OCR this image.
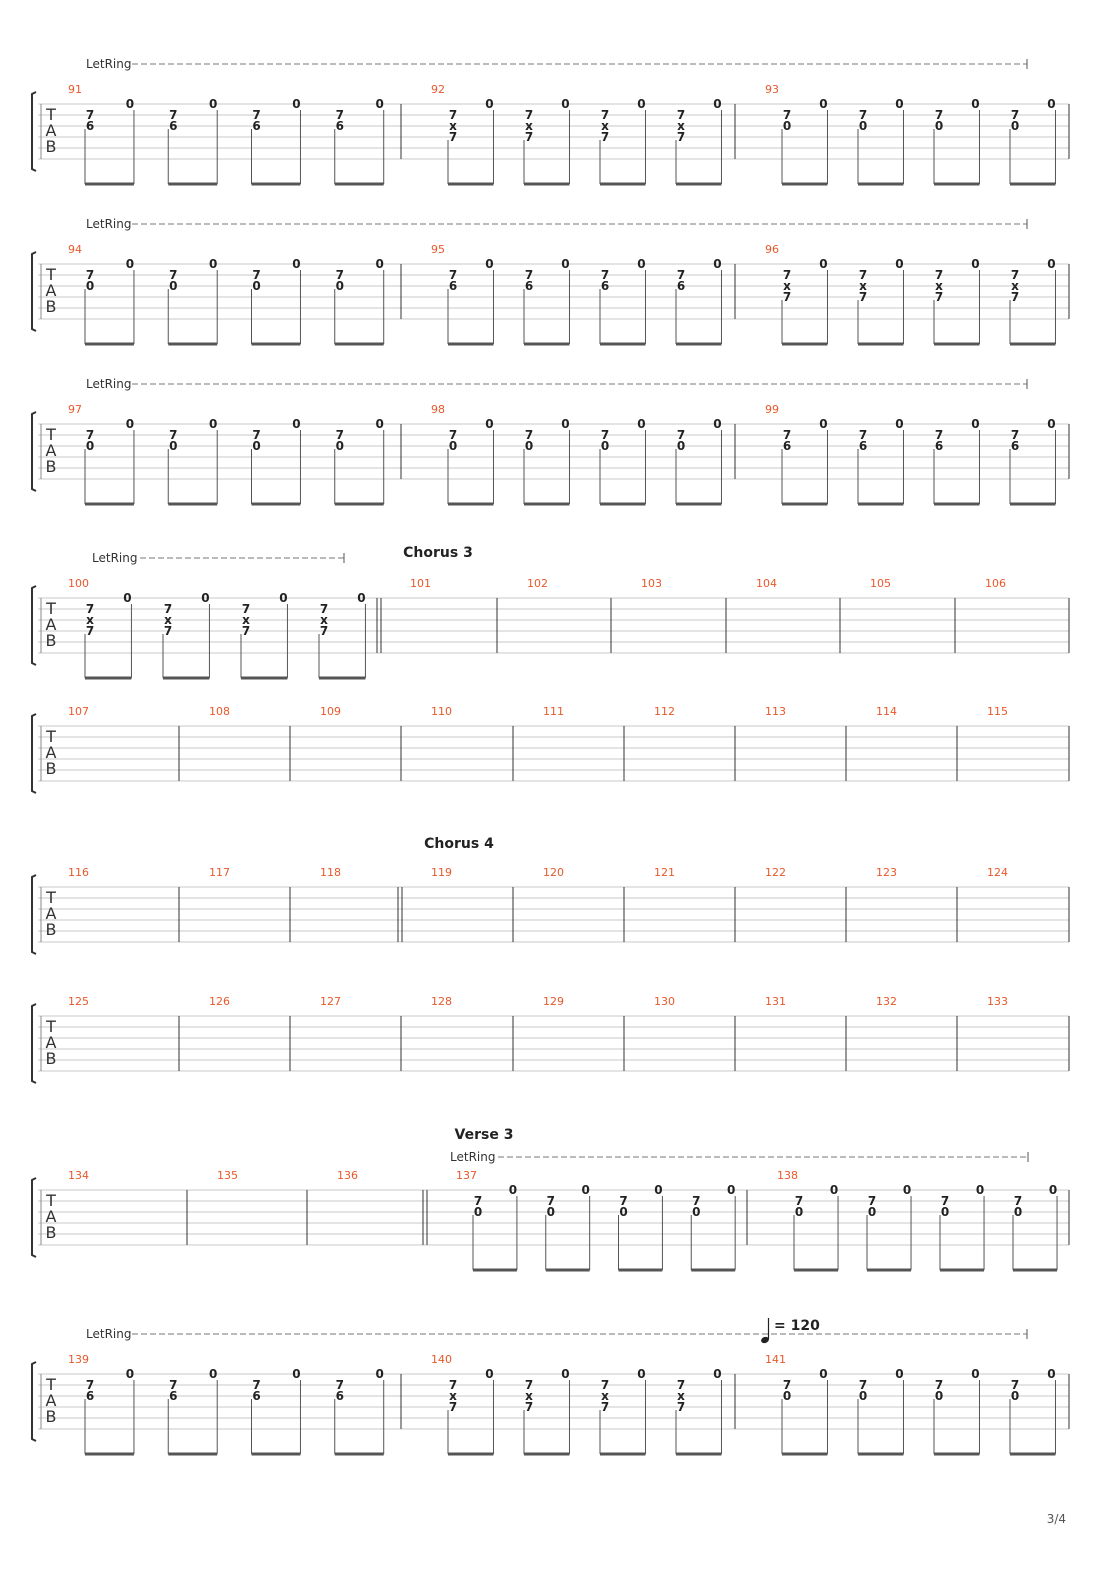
T
A
B
91
7
6
0
7
6
0
7
6
0
7
6
0
92
7
x
7
0
7
x
7
0
7
x
7
0
7
x
7
0
93
7
0
0
7
0
0
7
0
0
7
0
0
LetRing
T
A
B
94
7
0
0
7
0
0
7
0
0
7
0
0
95
7
6
0
7
6
0
7
6
0
7
6
0
96
7
x
7
0
7
x
7
0
7
x
7
0
7
x
7
0
LetRing
T
A
B
97
7
0
0
7
0
0
7
0
0
7
0
0
98
7
0
0
7
0
0
7
0
0
7
0
0
99
7
6
0
7
6
0
7
6
0
7
6
0
LetRing
T
A
B
100
7
x
7
0
7
x
7
0
7
x
7
0
7
x
7
0
101	102	103	104	105	106
LetRing	Chorus 3
T
A
B
107	108	109	110	111	112	113	114	115
T
A
B
116	117	118	119	120	121	122	123	124
Chorus 4
T
A
B
125	126	127	128	129	130	131	132	133
T
A
B
134	135	136	137
7
0
0
7
0
0
7
0
0
7
0
0
138
7
0
0
7
0
0
7
0
0
7
0
0
LetRing
Verse 3
T
A
B
139
7
6
0
7
6
0
7
6
0
7
6
0
140
7
x
7
0
7
x
7
0
7
x
7
0
7
x
7
0
141
7
0
0
7
0
0
7
0
0
7
0
0
LetRing	= 120
3/4
